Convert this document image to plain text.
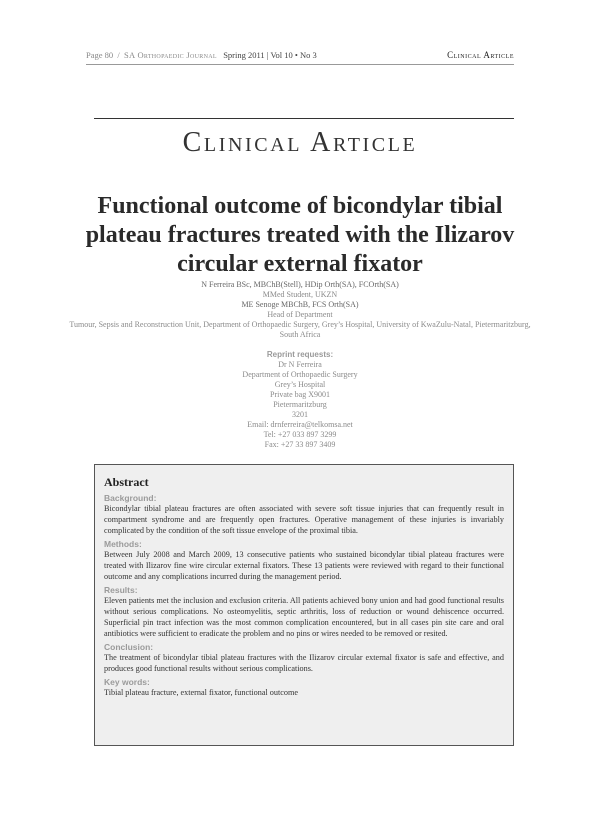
Page 80  /  SA Orthopaedic Journal Spring 2011 | Vol 10 • No 3	Clinical Article
Clinical Article
Functional outcome of bicondylar tibial plateau fractures treated with the Ilizarov circular external fixator
N Ferreira BSc, MBChB(Stell), HDip Orth(SA), FCOrth(SA)
MMed Student, UKZN
ME Senoge MBChB, FCS Orth(SA)
Head of Department
Tumour, Sepsis and Reconstruction Unit, Department of Orthopaedic Surgery, Grey’s Hospital, University of KwaZulu-Natal, Pietermaritzburg, South Africa
Reprint requests:
Dr N Ferreira
Department of Orthopaedic Surgery
Grey’s Hospital
Private bag X9001
Pietermaritzburg
3201
Email: drnferreira@telkomsa.net
Tel: +27 033 897 3299
Fax: +27 33 897 3409
Abstract
Background:
Bicondylar tibial plateau fractures are often associated with severe soft tissue injuries that can frequently result in compartment syndrome and are frequently open fractures. Operative management of these injuries is invariably complicated by the condition of the soft tissue envelope of the proximal tibia.
Methods:
Between July 2008 and March 2009, 13 consecutive patients who sustained bicondylar tibial plateau fractures were treated with Ilizarov fine wire circular external fixators. These 13 patients were reviewed with regard to their functional outcome and any complications incurred during the management period.
Results:
Eleven patients met the inclusion and exclusion criteria. All patients achieved bony union and had good functional results without serious complications. No osteomyelitis, septic arthritis, loss of reduction or wound dehiscence occurred. Superficial pin tract infection was the most common complication encountered, but in all cases pin site care and oral antibiotics were sufficient to eradicate the problem and no pins or wires needed to be removed or resited.
Conclusion:
The treatment of bicondylar tibial plateau fractures with the Ilizarov circular external fixator is safe and effective, and produces good functional results without serious complications.
Key words:
Tibial plateau fracture, external fixator, functional outcome
